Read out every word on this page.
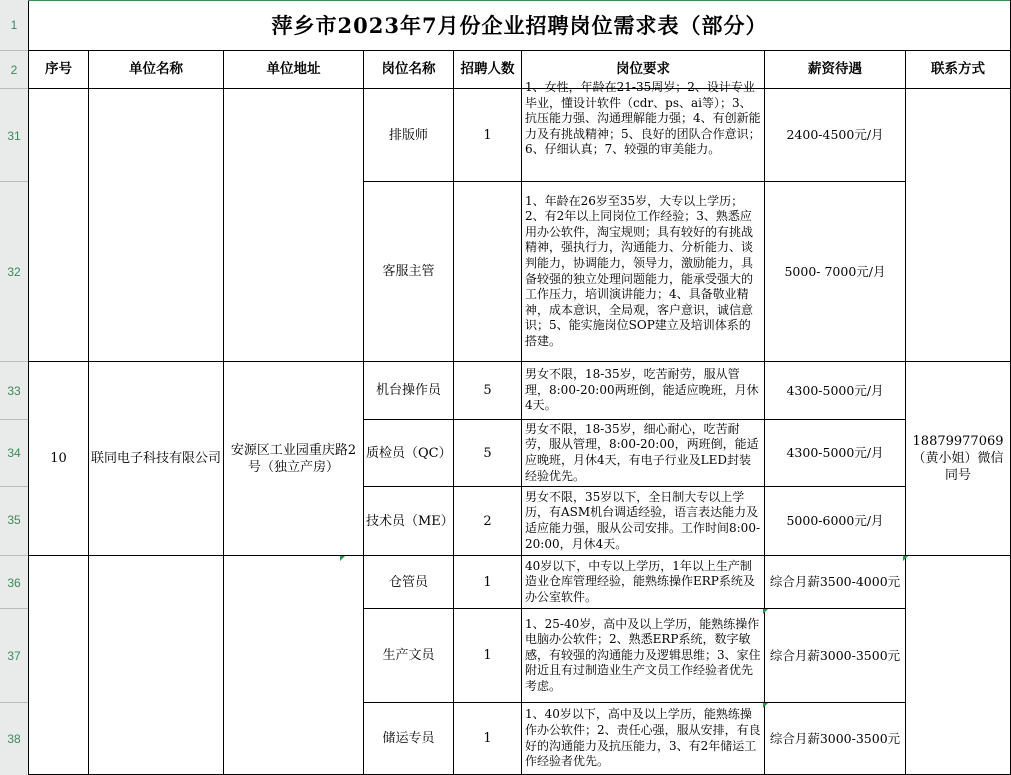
1
2
31
32
33
34
35
36
37
38
萍乡市2023年7月份企业招聘岗位需求表（部分）							
序号	单位名称	单位地址	岗位名称	招聘人数	岗位要求	薪资待遇	联系方式
			排版师	1	1、女性，年龄在21-35周岁；2、设计专业毕业，懂设计软件（cdr、ps、ai等）；3、抗压能力强、沟通理解能力强；4、有创新能力及有挑战精神；5、良好的团队合作意识；6、仔细认真；7、较强的审美能力。	2400-4500元/月	
			客服主管		1、年龄在26岁至35岁，大专以上学历；2、有2年以上同岗位工作经验；3、熟悉应用办公软件，淘宝规则；具有较好的有挑战精神，强执行力，沟通能力、分析能力、谈判能力，协调能力，领导力，激励能力，具备较强的独立处理问题能力，能承受强大的工作压力，培训演讲能力；4、具备敬业精神，成本意识，全局观，客户意识，诚信意识；5、能实施岗位SOP建立及培训体系的搭建。	5000- 7000元/月	
10	联同电子科技有限公司	安源区工业园重庆路2号（独立产房）	机台操作员	5	男女不限，18-35岁，吃苦耐劳，服从管理，8:00-20:00两班倒，能适应晚班，月休4天。	4300-5000元/月	18879977069（黄小姐）微信同号
			质检员（QC）	5	男女不限，18-35岁，细心耐心，吃苦耐劳，服从管理，8:00-20:00，两班倒，能适应晚班，月休4天，有电子行业及LED封装经验优先。	4300-5000元/月	
			技术员（ME）	2	男女不限，35岁以下，全日制大专以上学历，有ASM机台调适经验，语言表达能力及适应能力强，服从公司安排。工作时间8:00-20:00，月休4天。	5000-6000元/月	
			仓管员	1	40岁以下，中专以上学历，1年以上生产制造业仓库管理经验，能熟练操作ERP系统及办公室软件。	综合月薪3500-4000元	
			生产文员	1	1、25-40岁，高中及以上学历，能熟练操作电脑办公软件；2、熟悉ERP系统，数字敏感，有较强的沟通能力及逻辑思维；3、家住附近且有过制造业生产文员工作经验者优先考虑。	综合月薪3000-3500元	
			储运专员	1	1、40岁以下，高中及以上学历，能熟练操作办公软件；2、责任心强，服从安排，有良好的沟通能力及抗压能力，3、有2年储运工作经验者优先。	综合月薪3000-3500元	
